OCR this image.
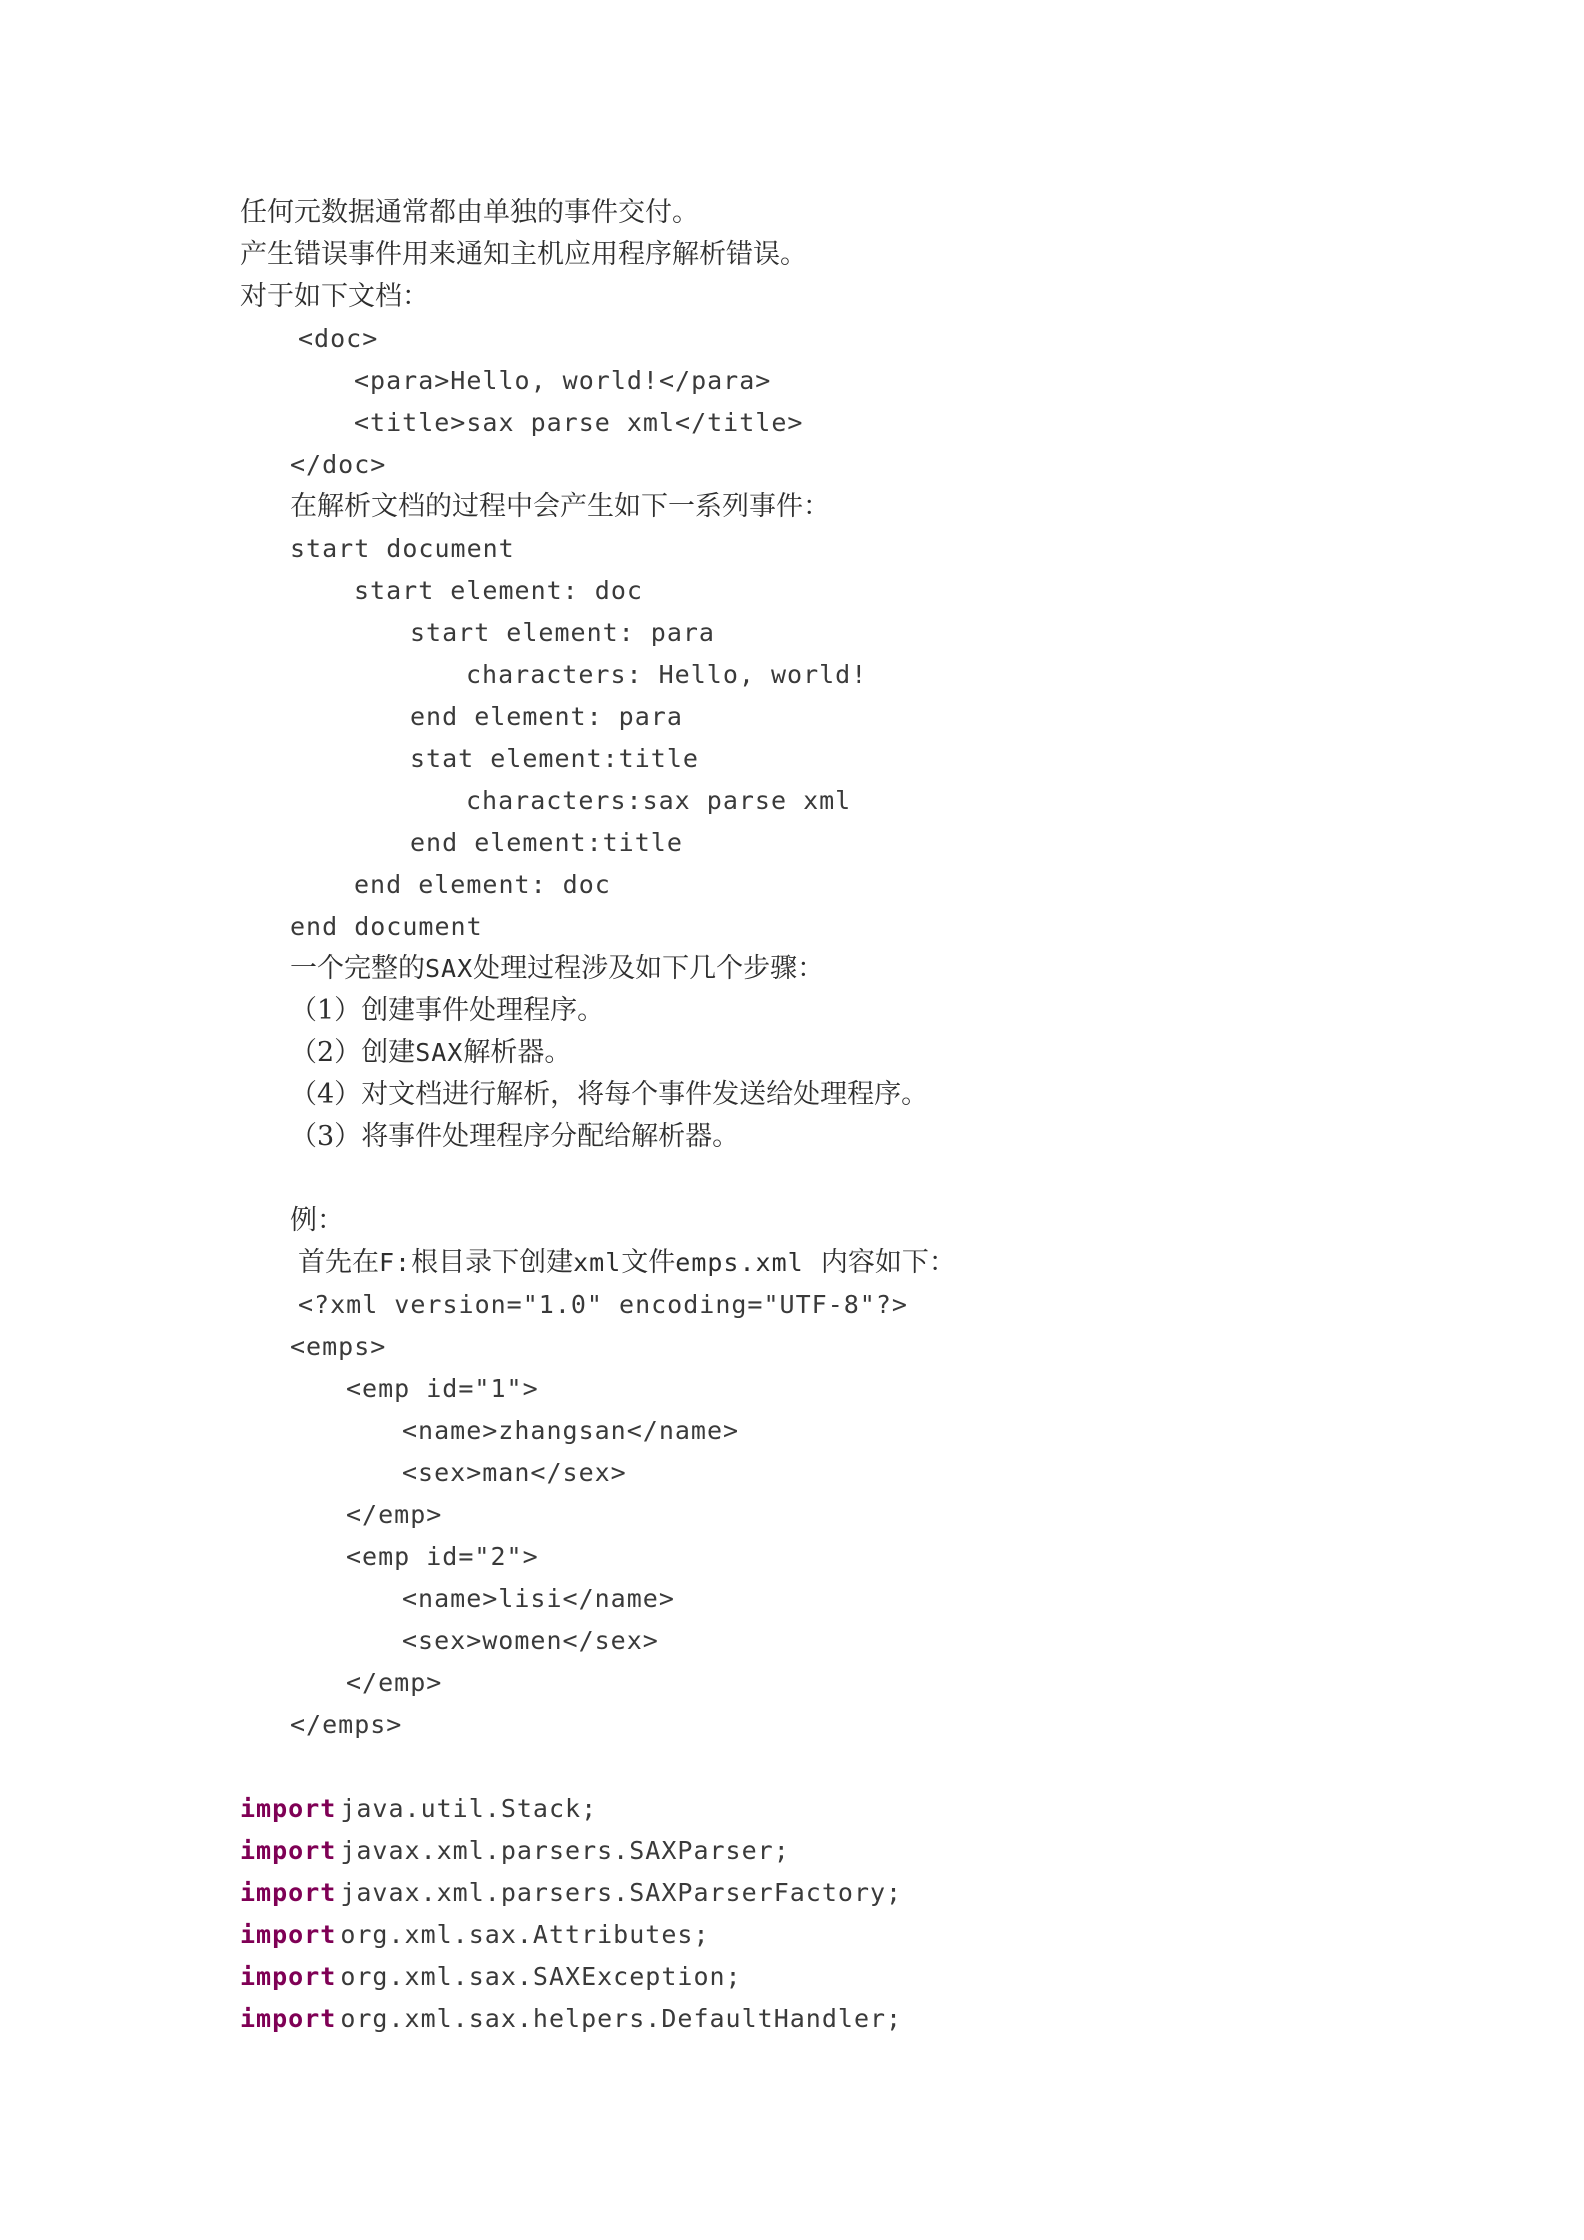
任何元数据通常都由单独的事件交付。
产生错误事件用来通知主机应用程序解析错误。
对于如下文档：
<doc>
<para>Hello, world!</para>
<title>sax parse xml</title>
</doc>
在解析文档的过程中会产生如下一系列事件：
start document
start element: doc
start element: para
characters: Hello, world!
end element: para
stat element:title
characters:sax parse xml
end element:title
end element: doc
end document
一个完整的SAX处理过程涉及如下几个步骤：
（1）创建事件处理程序。
（2）创建SAX解析器。
（4）对文档进行解析，将每个事件发送给处理程序。
（3）将事件处理程序分配给解析器。
例：
首先在F:根目录下创建xml文件emps.xml  内容如下：
<?xml version="1.0" encoding="UTF-8"?>
<emps>
<emp id="1">
<name>zhangsan</name>
<sex>man</sex>
</emp>
<emp id="2">
<name>lisi</name>
<sex>women</sex>
</emp>
</emps>
import java.util.Stack;
import javax.xml.parsers.SAXParser;
import javax.xml.parsers.SAXParserFactory;
import org.xml.sax.Attributes;
import org.xml.sax.SAXException;
import org.xml.sax.helpers.DefaultHandler;
